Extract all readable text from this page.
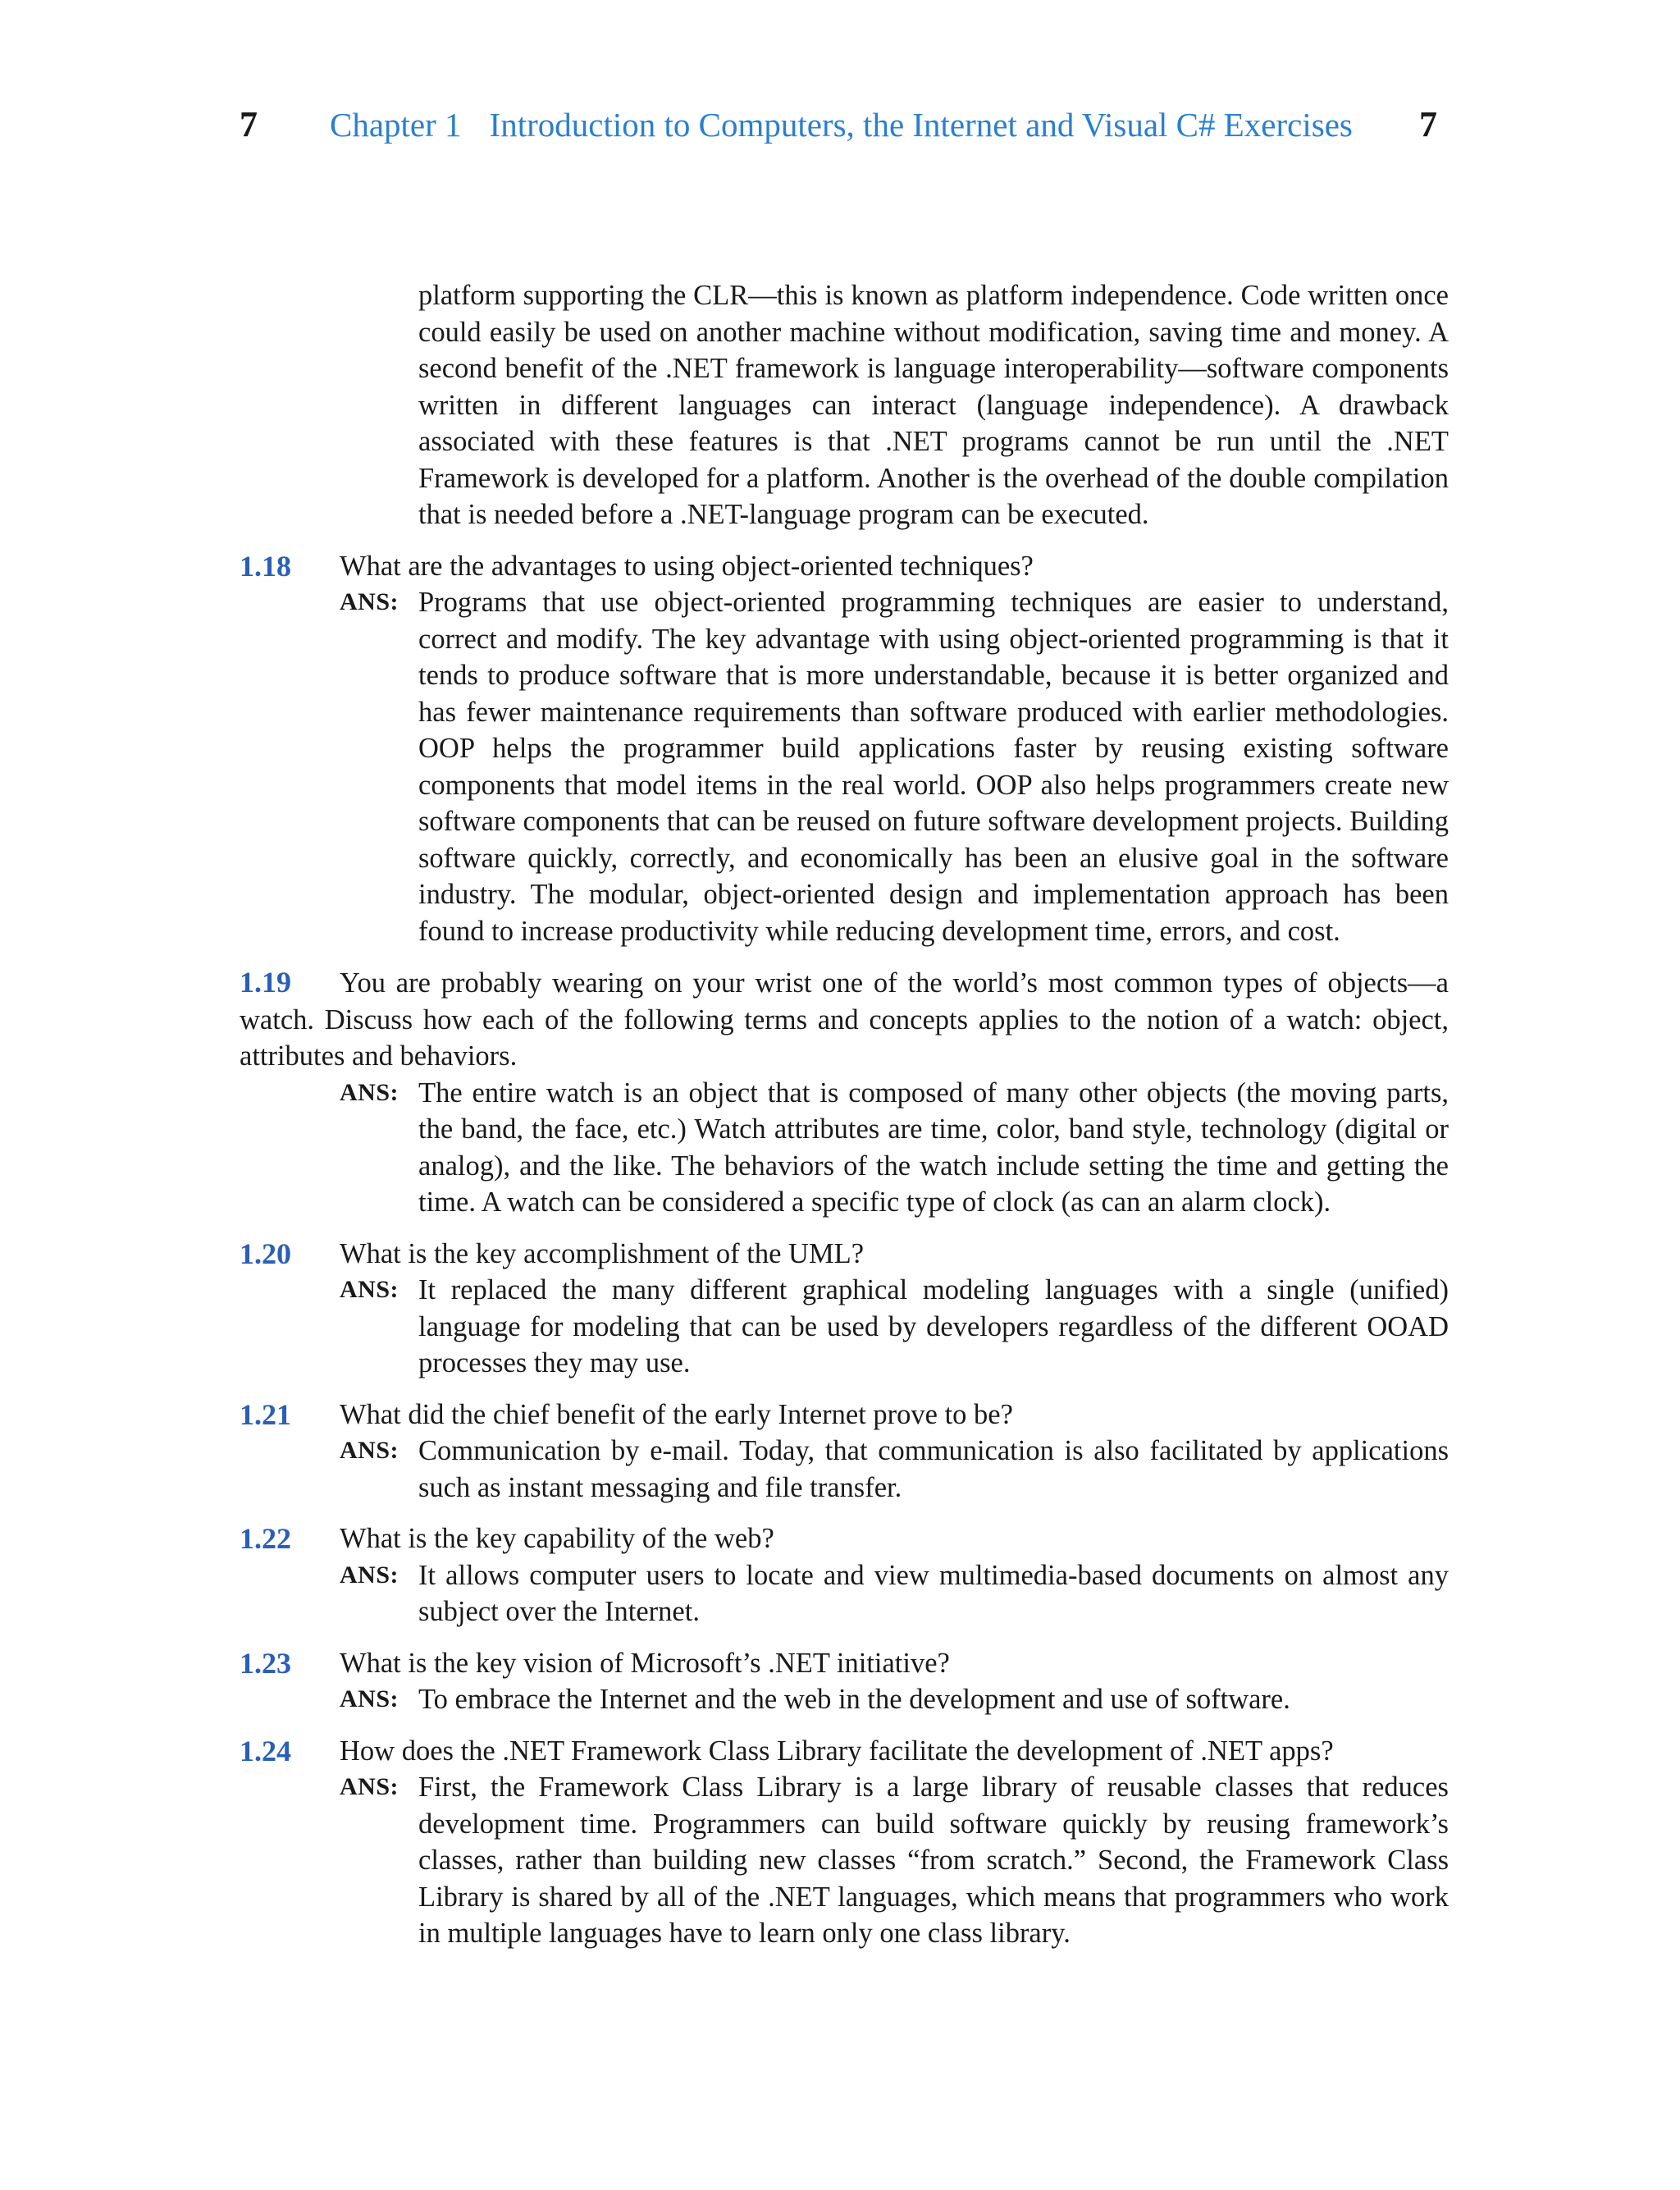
7 Chapter 1 Introduction to Computers, the Internet and Visual C# Exercises 7

platform supporting the CLR—this is known as platform independence. Code written once could easily be used on another machine without modification, saving time and money. A second benefit of the .NET framework is language interoperability—software components written in different languages can interact (language independence). A drawback associated with these features is that .NET programs cannot be run until the .NET Framework is developed for a platform. Another is the overhead of the double compilation that is needed before a .NET-language program can be executed.

1.18 What are the advantages to using object-oriented techniques?
ANS: Programs that use object-oriented programming techniques are easier to understand, correct and modify. The key advantage with using object-oriented programming is that it tends to produce software that is more understandable, because it is better organized and has fewer maintenance requirements than software produced with earlier methodologies. OOP helps the programmer build applications faster by reusing existing software components that model items in the real world. OOP also helps programmers create new software components that can be reused on future software development projects. Building software quickly, correctly, and economically has been an elusive goal in the software industry. The modular, object-oriented design and implementation approach has been found to increase productivity while reducing development time, errors, and cost.
1.19 You are probably wearing on your wrist one of the world’s most common types of objects—a watch. Discuss how each of the following terms and concepts applies to the notion of a watch: object, attributes and behaviors.
ANS: The entire watch is an object that is composed of many other objects (the moving parts, the band, the face, etc.) Watch attributes are time, color, band style, technology (digital or analog), and the like. The behaviors of the watch include setting the time and getting the time. A watch can be considered a specific type of clock (as can an alarm clock).
1.20 What is the key accomplishment of the UML?
ANS: It replaced the many different graphical modeling languages with a single (unified) language for modeling that can be used by developers regardless of the different OOAD processes they may use.
1.21 What did the chief benefit of the early Internet prove to be?
ANS: Communication by e-mail. Today, that communication is also facilitated by applications such as instant messaging and file transfer.
1.22 What is the key capability of the web?
ANS: It allows computer users to locate and view multimedia-based documents on almost any subject over the Internet.
1.23 What is the key vision of Microsoft’s .NET initiative?
ANS: To embrace the Internet and the web in the development and use of software.
1.24 How does the .NET Framework Class Library facilitate the development of .NET apps?
ANS: First, the Framework Class Library is a large library of reusable classes that reduces development time. Programmers can build software quickly by reusing framework’s classes, rather than building new classes “from scratch.” Second, the Framework Class Library is shared by all of the .NET languages, which means that programmers who work in multiple languages have to learn only one class library.
